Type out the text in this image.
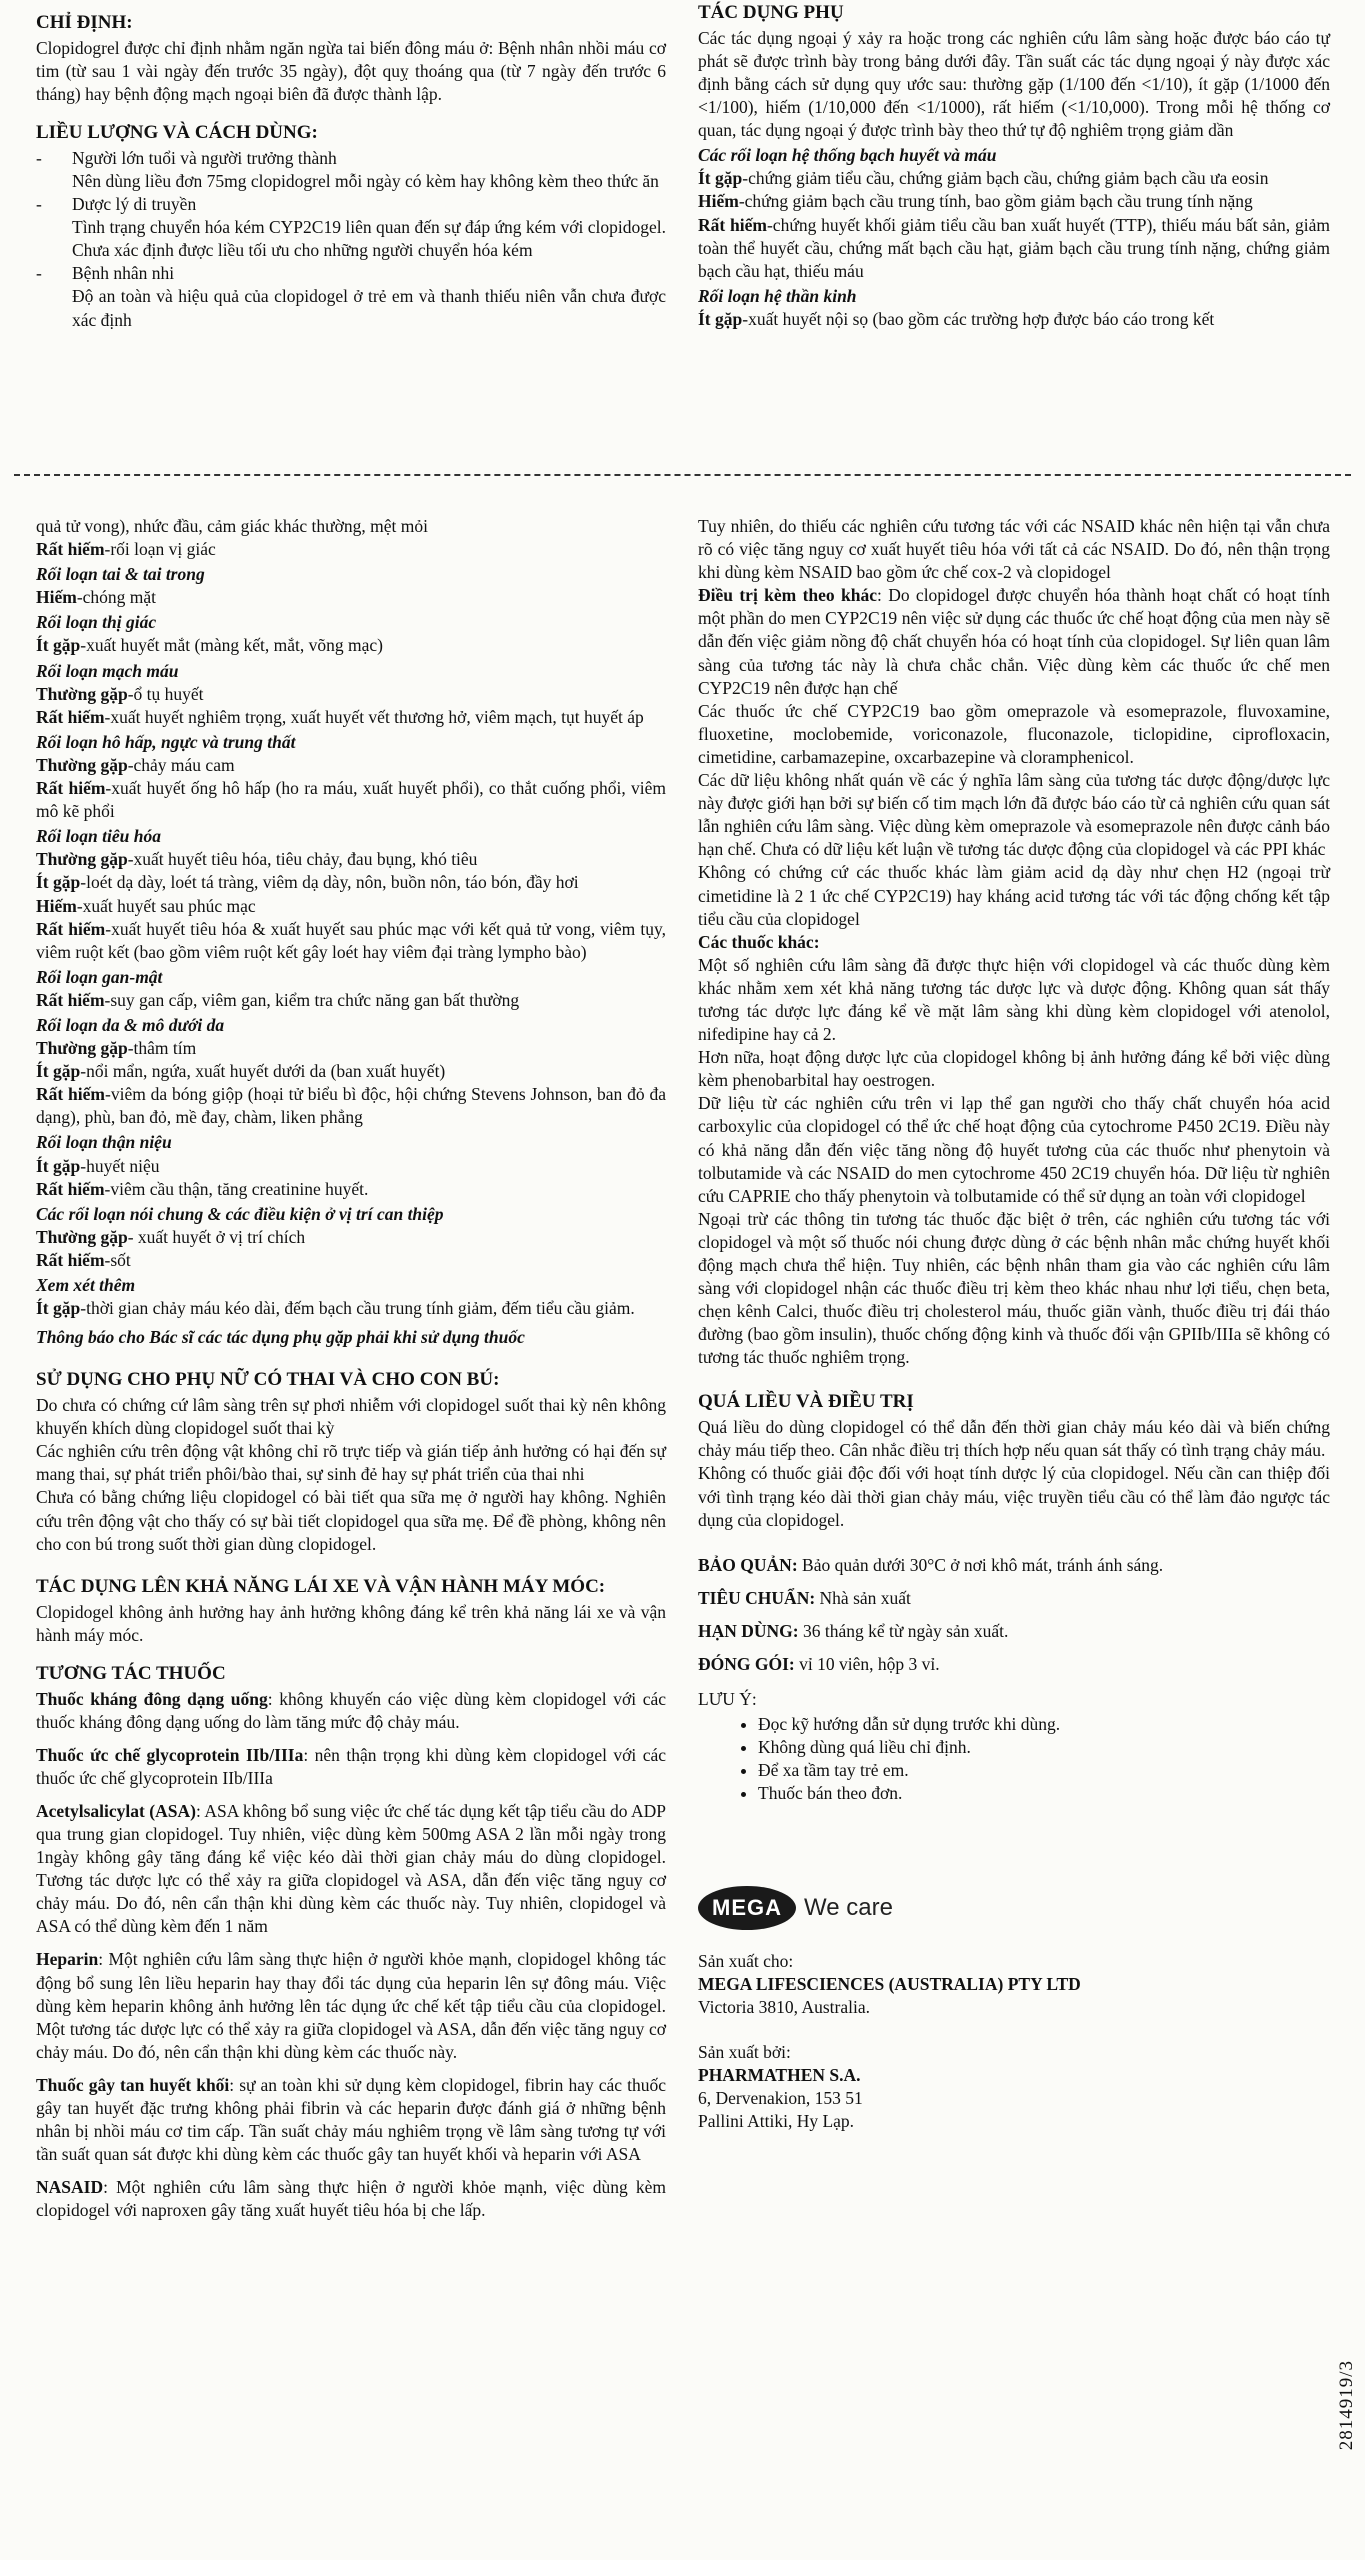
CHỈ ĐỊNH:

Clopidogrel được chỉ định nhằm ngăn ngừa tai biến đông máu ở: Bệnh nhân nhồi máu cơ tim (từ sau 1 vài ngày đến trước 35 ngày), đột quỵ thoáng qua (từ 7 ngày đến trước 6 tháng) hay bệnh động mạch ngoại biên đã được thành lập.

LIỀU LƯỢNG VÀ CÁCH DÙNG:
-	Người lớn tuổi và người trưởng thành

Nên dùng liều đơn 75mg clopidogrel mỗi ngày có kèm hay không kèm theo thức ăn

-	Dược lý di truyền

Tình trạng chuyển hóa kém CYP2C19 liên quan đến sự đáp ứng kém với clopidogel. Chưa xác định được liều tối ưu cho những người chuyển hóa kém

-	Bệnh nhân nhi

Độ an toàn và hiệu quả của clopidogel ở trẻ em và thanh thiếu niên vẫn chưa được xác định

TÁC DỤNG PHỤ

Các tác dụng ngoại ý xảy ra hoặc trong các nghiên cứu lâm sàng hoặc được báo cáo tự phát sẽ được trình bày trong bảng dưới đây. Tần suất các tác dụng ngoại ý này được xác định bằng cách sử dụng quy ước sau: thường gặp (1/100 đến <1/10), ít gặp (1/1000 đến <1/100), hiếm (1/10,000 đến <1/1000), rất hiếm (<1/10,000). Trong mỗi hệ thống cơ quan, tác dụng ngoại ý được trình bày theo thứ tự độ nghiêm trọng giảm dần

Các rối loạn hệ thống bạch huyết và máu

Ít gặp-chứng giảm tiểu cầu, chứng giảm bạch cầu, chứng giảm bạch cầu ưa eosin

Hiếm-chứng giảm bạch cầu trung tính, bao gồm giảm bạch cầu trung tính nặng

Rất hiếm-chứng huyết khối giảm tiểu cầu ban xuất huyết (TTP), thiếu máu bất sản, giảm toàn thể huyết cầu, chứng mất bạch cầu hạt, giảm bạch cầu trung tính nặng, chứng giảm bạch cầu hạt, thiếu máu

Rối loạn hệ thần kinh

Ít gặp-xuất huyết nội sọ (bao gồm các trường hợp được báo cáo trong kết

quả tử vong), nhức đầu, cảm giác khác thường, mệt mỏi

Rất hiếm-rối loạn vị giác

Rối loạn tai & tai trong

Hiếm-chóng mặt

Rối loạn thị giác

Ít gặp-xuất huyết mắt (màng kết, mắt, võng mạc)

Rối loạn mạch máu

Thường gặp-ổ tụ huyết

Rất hiếm-xuất huyết nghiêm trọng, xuất huyết vết thương hở, viêm mạch, tụt huyết áp

Rối loạn hô hấp, ngực và trung thất

Thường gặp-chảy máu cam

Rất hiếm-xuất huyết ống hô hấp (ho ra máu, xuất huyết phổi), co thắt cuống phổi, viêm mô kẽ phổi

Rối loạn tiêu hóa

Thường gặp-xuất huyết tiêu hóa, tiêu chảy, đau bụng, khó tiêu

Ít gặp-loét dạ dày, loét tá tràng, viêm dạ dày, nôn, buồn nôn, táo bón, đầy hơi

Hiếm-xuất huyết sau phúc mạc

Rất hiếm-xuất huyết tiêu hóa & xuất huyết sau phúc mạc với kết quả tử vong, viêm tụy, viêm ruột kết (bao gồm viêm ruột kết gây loét hay viêm đại tràng lympho bào)

Rối loạn gan-mật

Rất hiếm-suy gan cấp, viêm gan, kiểm tra chức năng gan bất thường

Rối loạn da & mô dưới da

Thường gặp-thâm tím

Ít gặp-nổi mẩn, ngứa, xuất huyết dưới da (ban xuất huyết)

Rất hiếm-viêm da bóng giộp (hoại tử biểu bì độc, hội chứng Stevens Johnson, ban đỏ đa dạng), phù, ban đỏ, mề đay, chàm, liken phẳng

Rối loạn thận niệu

Ít gặp-huyết niệu

Rất hiếm-viêm cầu thận, tăng creatinine huyết.

Các rối loạn nói chung & các điều kiện ở vị trí can thiệp

Thường gặp- xuất huyết ở vị trí chích

Rất hiếm-sốt

Xem xét thêm

Ít gặp-thời gian chảy máu kéo dài, đếm bạch cầu trung tính giảm, đếm tiểu cầu giảm.

Thông báo cho Bác sĩ các tác dụng phụ gặp phải khi sử dụng thuốc
SỬ DỤNG CHO PHỤ NỮ CÓ THAI VÀ CHO CON BÚ:

Do chưa có chứng cứ lâm sàng trên sự phơi nhiễm với clopidogel suốt thai kỳ nên không khuyến khích dùng clopidogel suốt thai kỳ

Các nghiên cứu trên động vật không chỉ rõ trực tiếp và gián tiếp ảnh hưởng có hại đến sự mang thai, sự phát triển phôi/bào thai, sự sinh đẻ hay sự phát triển của thai nhi

Chưa có bằng chứng liệu clopidogel có bài tiết qua sữa mẹ ở người hay không. Nghiên cứu trên động vật cho thấy có sự bài tiết clopidogel qua sữa mẹ. Để đề phòng, không nên cho con bú trong suốt thời gian dùng clopidogel.

TÁC DỤNG LÊN KHẢ NĂNG LÁI XE VÀ VẬN HÀNH MÁY MÓC:

Clopidogel không ảnh hưởng hay ảnh hưởng không đáng kể trên khả năng lái xe và vận hành máy móc.

TƯƠNG TÁC THUỐC

Thuốc kháng đông dạng uống: không khuyến cáo việc dùng kèm clopidogel với các thuốc kháng đông dạng uống do làm tăng mức độ chảy máu.

Thuốc ức chế glycoprotein IIb/IIIa: nên thận trọng khi dùng kèm clopidogel với các thuốc ức chế glycoprotein IIb/IIIa

Acetylsalicylat (ASA): ASA không bổ sung việc ức chế tác dụng kết tập tiểu cầu do ADP qua trung gian clopidogel. Tuy nhiên, việc dùng kèm 500mg ASA 2 lần mỗi ngày trong 1ngày không gây tăng đáng kể việc kéo dài thời gian chảy máu do dùng clopidogel. Tương tác dược lực có thể xảy ra giữa clopidogel và ASA, dẫn đến việc tăng nguy cơ chảy máu. Do đó, nên cẩn thận khi dùng kèm các thuốc này. Tuy nhiên, clopidogel và ASA có thể dùng kèm đến 1 năm

Heparin: Một nghiên cứu lâm sàng thực hiện ở người khỏe mạnh, clopidogel không tác động bổ sung lên liều heparin hay thay đổi tác dụng của heparin lên sự đông máu. Việc dùng kèm heparin không ảnh hưởng lên tác dụng ức chế kết tập tiểu cầu của clopidogel. Một tương tác dược lực có thể xảy ra giữa clopidogel và ASA, dẫn đến việc tăng nguy cơ chảy máu. Do đó, nên cẩn thận khi dùng kèm các thuốc này.

Thuốc gây tan huyết khối: sự an toàn khi sử dụng kèm clopidogel, fibrin hay các thuốc gây tan huyết đặc trưng không phải fibrin và các heparin được đánh giá ở những bệnh nhân bị nhồi máu cơ tim cấp. Tần suất chảy máu nghiêm trọng về lâm sàng tương tự với tần suất quan sát được khi dùng kèm các thuốc gây tan huyết khối và heparin với ASA

NASAID: Một nghiên cứu lâm sàng thực hiện ở người khỏe mạnh, việc dùng kèm clopidogel với naproxen gây tăng xuất huyết tiêu hóa bị che lấp.

Tuy nhiên, do thiếu các nghiên cứu tương tác với các NSAID khác nên hiện tại vẫn chưa rõ có việc tăng nguy cơ xuất huyết tiêu hóa với tất cả các NSAID. Do đó, nên thận trọng khi dùng kèm NSAID bao gồm ức chế cox-2 và clopidogel

Điều trị kèm theo khác: Do clopidogel được chuyển hóa thành hoạt chất có hoạt tính một phần do men CYP2C19 nên việc sử dụng các thuốc ức chế hoạt động của men này sẽ dẫn đến việc giảm nồng độ chất chuyển hóa có hoạt tính của clopidogel. Sự liên quan lâm sàng của tương tác này là chưa chắc chắn. Việc dùng kèm các thuốc ức chế men CYP2C19 nên được hạn chế

Các thuốc ức chế CYP2C19 bao gồm omeprazole và esomeprazole, fluvoxamine, fluoxetine, moclobemide, voriconazole, fluconazole, ticlopidine, ciprofloxacin, cimetidine, carbamazepine, oxcarbazepine và cloramphenicol.

Các dữ liệu không nhất quán về các ý nghĩa lâm sàng của tương tác dược động/dược lực này được giới hạn bởi sự biến cố tim mạch lớn đã được báo cáo từ cả nghiên cứu quan sát lẫn nghiên cứu lâm sàng. Việc dùng kèm omeprazole và esomeprazole nên được cảnh báo hạn chế. Chưa có dữ liệu kết luận về tương tác dược động của clopidogel và các PPI khác

Không có chứng cứ các thuốc khác làm giảm acid dạ dày như chẹn H2 (ngoại trừ cimetidine là 2 1 ức chế CYP2C19) hay kháng acid tương tác với tác động chống kết tập tiểu cầu của clopidogel

Các thuốc khác:

Một số nghiên cứu lâm sàng đã được thực hiện với clopidogel và các thuốc dùng kèm khác nhằm xem xét khả năng tương tác dược lực và dược động. Không quan sát thấy tương tác dược lực đáng kể về mặt lâm sàng khi dùng kèm clopidogel với atenolol, nifedipine hay cả 2.

Hơn nữa, hoạt động dược lực của clopidogel không bị ảnh hưởng đáng kể bởi việc dùng kèm phenobarbital hay oestrogen.

Dữ liệu từ các nghiên cứu trên vi lạp thể gan người cho thấy chất chuyển hóa acid carboxylic của clopidogel có thể ức chế hoạt động của cytochrome P450 2C19. Điều này có khả năng dẫn đến việc tăng nồng độ huyết tương của các thuốc như phenytoin và tolbutamide và các NSAID do men cytochrome 450 2C19 chuyển hóa. Dữ liệu từ nghiên cứu CAPRIE cho thấy phenytoin và tolbutamide có thể sử dụng an toàn với clopidogel

Ngoại trừ các thông tin tương tác thuốc đặc biệt ở trên, các nghiên cứu tương tác với clopidogel và một số thuốc nói chung được dùng ở các bệnh nhân mắc chứng huyết khối động mạch chưa thể hiện. Tuy nhiên, các bệnh nhân tham gia vào các nghiên cứu lâm sàng với clopidogel nhận các thuốc điều trị kèm theo khác nhau như lợi tiểu, chẹn beta, chẹn kênh Calci, thuốc điều trị cholesterol máu, thuốc giãn vành, thuốc điều trị đái tháo đường (bao gồm insulin), thuốc chống động kinh và thuốc đối vận GPIIb/IIIa sẽ không có tương tác thuốc nghiêm trọng.

QUÁ LIỀU VÀ ĐIỀU TRỊ

Quá liều do dùng clopidogel có thể dẫn đến thời gian chảy máu kéo dài và biến chứng chảy máu tiếp theo. Cân nhắc điều trị thích hợp nếu quan sát thấy có tình trạng chảy máu.

Không có thuốc giải độc đối với hoạt tính dược lý của clopidogel. Nếu cần can thiệp đối với tình trạng kéo dài thời gian chảy máu, việc truyền tiểu cầu có thể làm đảo ngược tác dụng của clopidogel.

BẢO QUẢN: Bảo quản dưới 30°C ở nơi khô mát, tránh ánh sáng.

TIÊU CHUẨN: Nhà sản xuất

HẠN DÙNG: 36 tháng kể từ ngày sản xuất.

ĐÓNG GÓI: vỉ 10 viên, hộp 3 vỉ.

LƯU Ý:
• Đọc kỹ hướng dẫn sử dụng trước khi dùng.
• Không dùng quá liều chỉ định.
• Để xa tầm tay trẻ em.
• Thuốc bán theo đơn.
MEGA We care
Sản xuất cho:
MEGA LIFESCIENCES (AUSTRALIA) PTY LTD
Victoria 3810, Australia.
Sản xuất bởi:
PHARMATHEN S.A.
6, Dervenakion, 153 51
Pallini Attiki, Hy Lạp.
2814919/3
